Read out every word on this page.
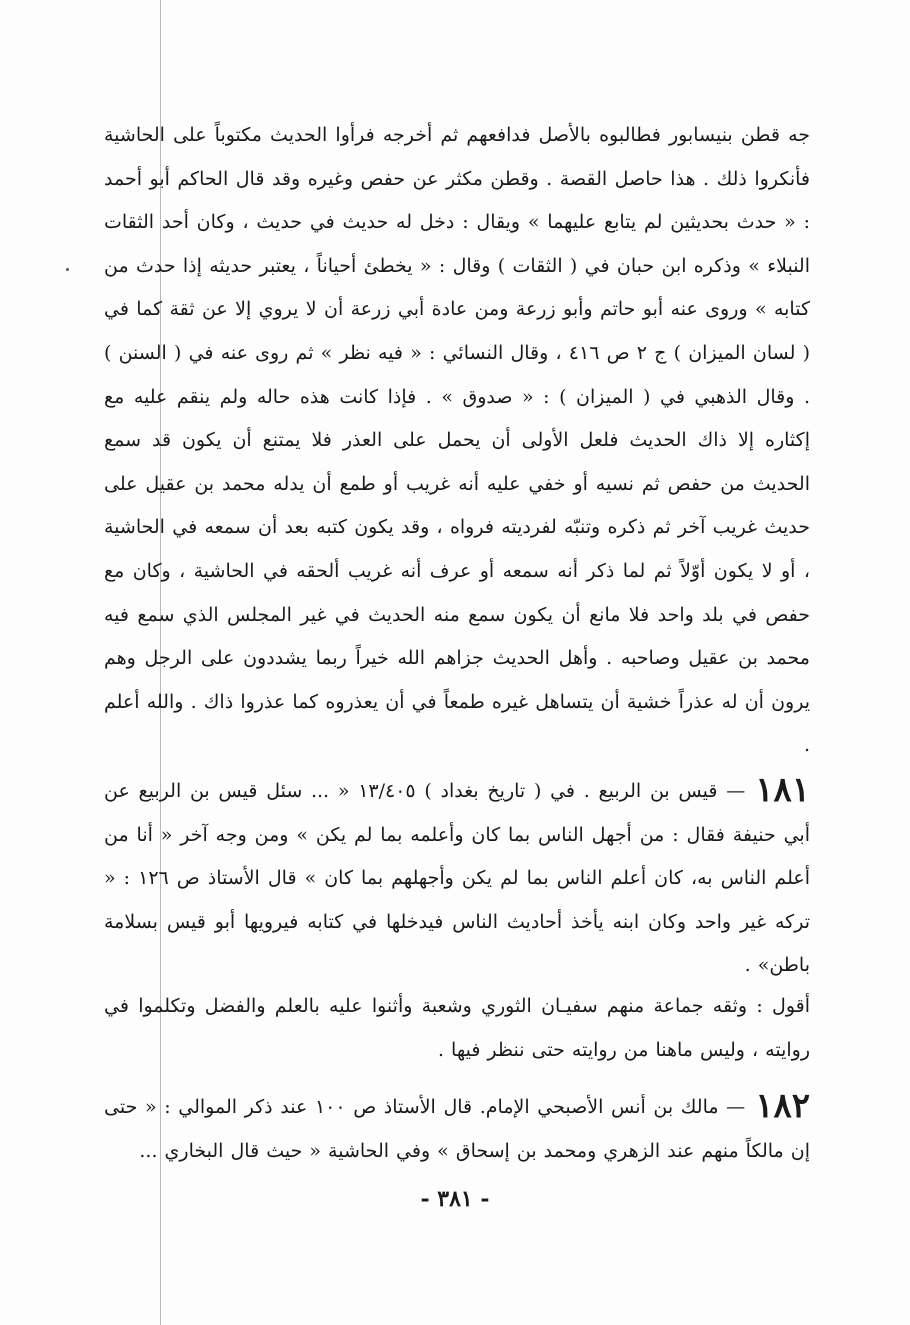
جه قطن بنيسابور فطالبوه بالأصل فدافعهم ثم أخرجه فرأوا الحديث مكتوباً على الحاشية فأنكروا ذلك . هذا حاصل القصة . وقطن مكثر عن حفص وغيره وقد قال الحاكم أبو أحمد : « حدث بحديثين لم يتابع عليهما » ويقال : دخل له حديث في حديث ، وكان أحد الثقات النبلاء » وذكره ابن حبان في ( الثقات ) وقال : « يخطئ أحياناً ، يعتبر حديثه إذا حدث من كتابه » وروى عنه أبو حاتم وأبو زرعة ومن عادة أبي زرعة أن لا يروي إلا عن ثقة كما في ( لسان الميزان ) ج ٢ ص ٤١٦ ، وقال النسائي : « فيه نظر » ثم روى عنه في ( السنن ) . وقال الذهبي في ( الميزان ) : « صدوق » . فإذا كانت هذه حاله ولم ينقم عليه مع إكثاره إلا ذاك الحديث فلعل الأولى أن يحمل على العذر فلا يمتنع أن يكون قد سمع الحديث من حفص ثم نسيه أو خفي عليه أنه غريب أو طمع أن يدله محمد بن عقيل على حديث غريب آخر ثم ذكره وتنبّه لفرديته فرواه ، وقد يكون كتبه بعد أن سمعه في الحاشية ، أو لا يكون أوّلاً ثم لما ذكر أنه سمعه أو عرف أنه غريب ألحقه في الحاشية ، وكان مع حفص في بلد واحد فلا مانع أن يكون سمع منه الحديث في غير المجلس الذي سمع فيه محمد بن عقيل وصاحبه . وأهل الحديث جزاهم الله خيراً ربما يشددون على الرجل وهم يرون أن له عذراً خشية أن يتساهل غيره طمعاً في أن يعذروه كما عذروا ذاك . والله أعلم .

١٨١— قيس بن الربيع . في ( تاريخ بغداد ) ١٣/٤٠٥ « ... سئل قيس بن الربيع عن أبي حنيفة فقال : من أجهل الناس بما كان وأعلمه بما لم يكن » ومن وجه آخر « أنا من أعلم الناس به، كان أعلم الناس بما لم يكن وأجهلهم بما كان » قال الأستاذ ص ١٢٦ : « تركه غير واحد وكان ابنه يأخذ أحاديث الناس فيدخلها في كتابه فيرويها أبو قيس بسلامة باطن» .

أقول : وثقه جماعة منهم سفيـان الثوري وشعبة وأثنوا عليه بالعلم والفضل وتكلموا في روايته ، وليس ماهنا من روايته حتى ننظر فيها .

١٨٢— مالك بن أنس الأصبحي الإمام. قال الأستاذ ص ١٠٠ عند ذكر الموالي : « حتى إن مالكاً منهم عند الزهري ومحمد بن إسحاق » وفي الحاشية « حيث قال البخاري ...

- ٣٨١ -
